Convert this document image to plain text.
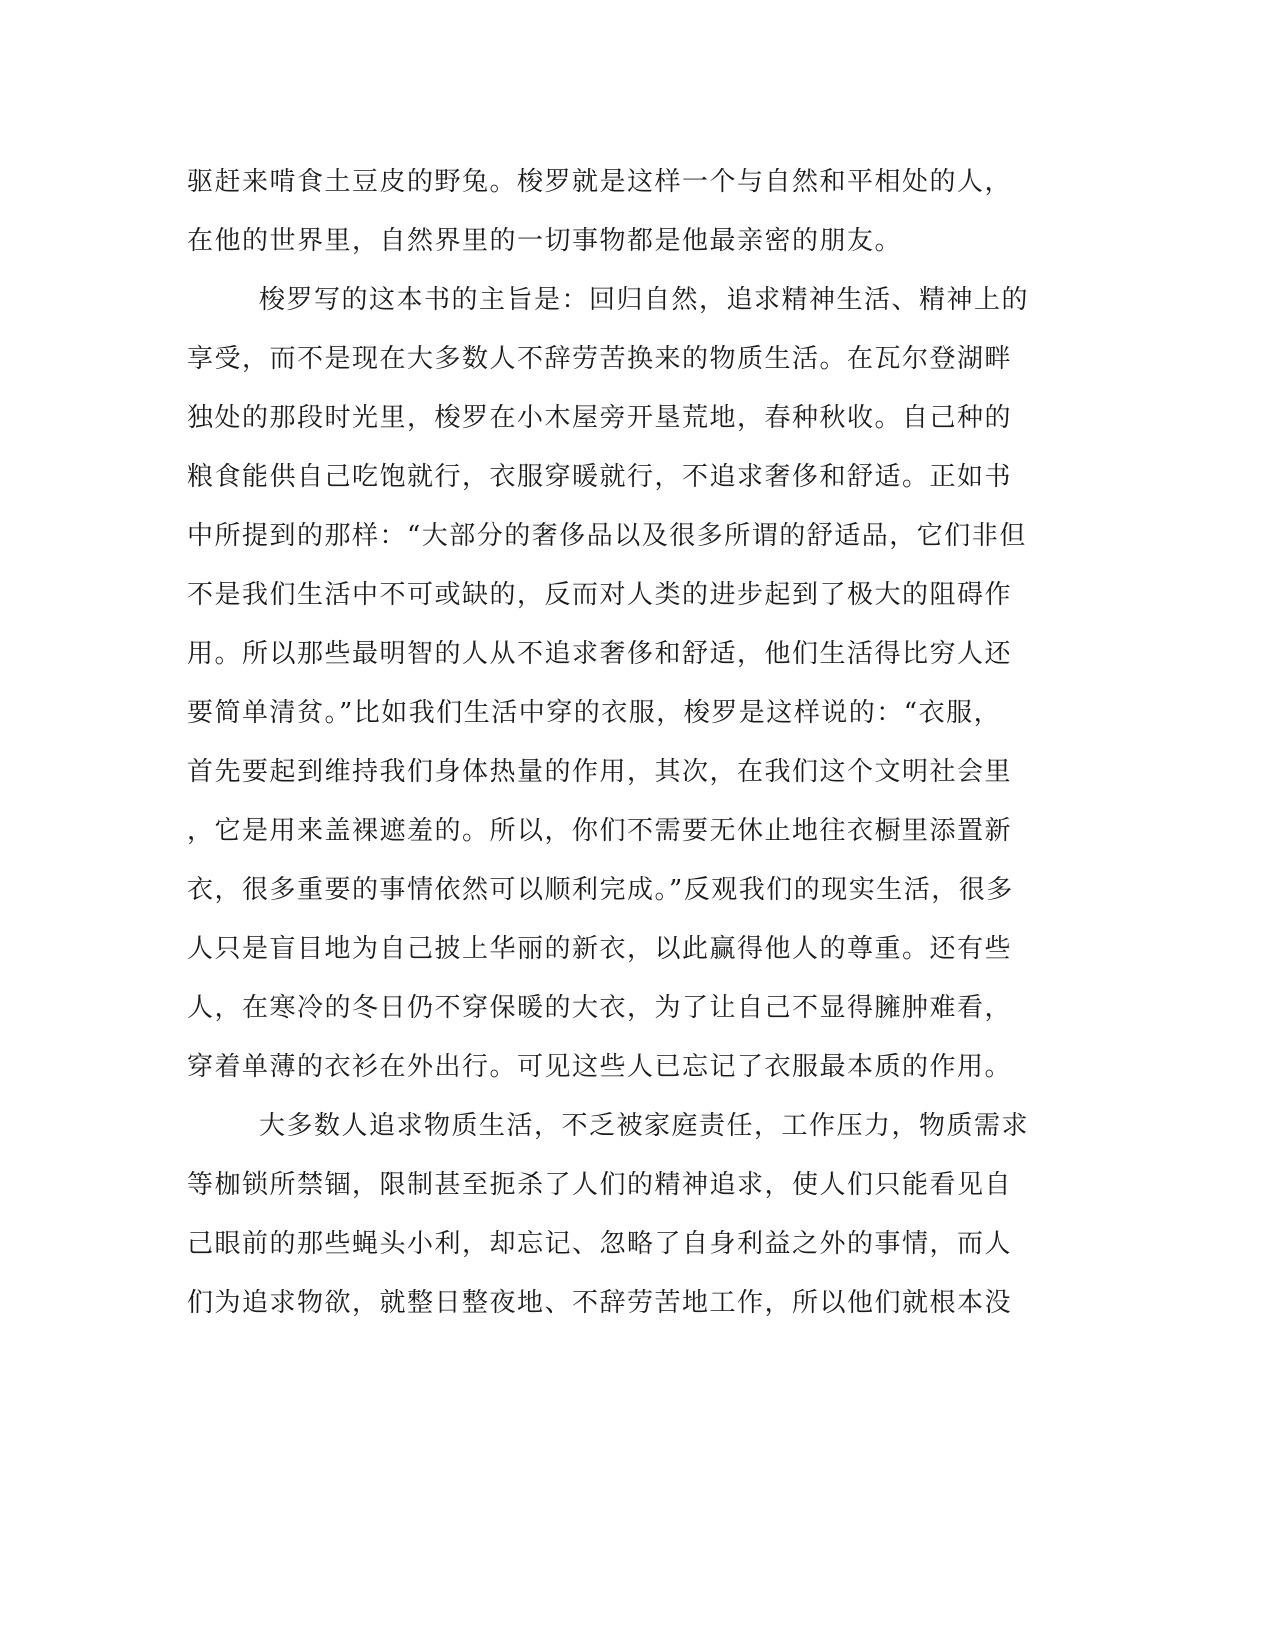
驱赶来啃食土豆皮的野兔。梭罗就是这样一个与自然和平相处的人，
在他的世界里，自然界里的一切事物都是他最亲密的朋友。
梭罗写的这本书的主旨是：回归自然，追求精神生活、精神上的
享受，而不是现在大多数人不辞劳苦换来的物质生活。在瓦尔登湖畔
独处的那段时光里，梭罗在小木屋旁开垦荒地，春种秋收。自己种的
粮食能供自己吃饱就行，衣服穿暖就行，不追求奢侈和舒适。正如书
中所提到的那样：“大部分的奢侈品以及很多所谓的舒适品，它们非但
不是我们生活中不可或缺的，反而对人类的进步起到了极大的阻碍作
用。所以那些最明智的人从不追求奢侈和舒适，他们生活得比穷人还
要简单清贫。”比如我们生活中穿的衣服，梭罗是这样说的：“衣服，
首先要起到维持我们身体热量的作用，其次，在我们这个文明社会里
，它是用来盖裸遮羞的。所以，你们不需要无休止地往衣橱里添置新
衣，很多重要的事情依然可以顺利完成。”反观我们的现实生活，很多
人只是盲目地为自己披上华丽的新衣，以此赢得他人的尊重。还有些
人，在寒冷的冬日仍不穿保暖的大衣，为了让自己不显得臃肿难看，
穿着单薄的衣衫在外出行。可见这些人已忘记了衣服最本质的作用。
大多数人追求物质生活，不乏被家庭责任，工作压力，物质需求
等枷锁所禁锢，限制甚至扼杀了人们的精神追求，使人们只能看见自
己眼前的那些蝇头小利，却忘记、忽略了自身利益之外的事情，而人
们为追求物欲，就整日整夜地、不辞劳苦地工作，所以他们就根本没
